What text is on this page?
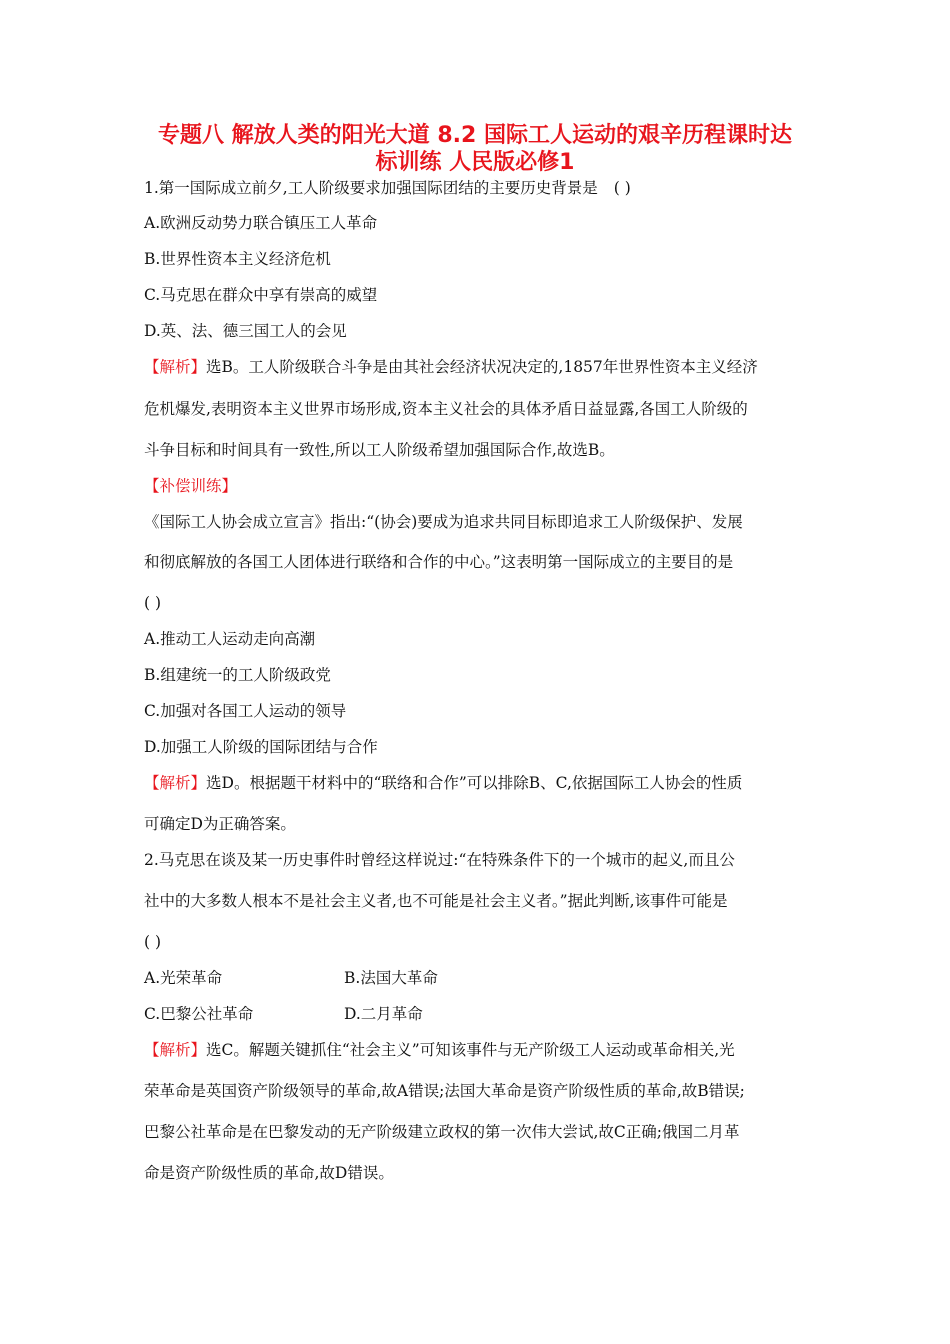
专题八 解放人类的阳光大道 8.2 国际工人运动的艰辛历程课时达
标训练 人民版必修1

1.第一国际成立前夕,工人阶级要求加强国际团结的主要历史背景是 ( )

A.欧洲反动势力联合镇压工人革命

B.世界性资本主义经济危机

C.马克思在群众中享有崇高的威望

D.英、法、德三国工人的会见

【解析】选B。工人阶级联合斗争是由其社会经济状况决定的,1857年世界性资本主义经济

危机爆发,表明资本主义世界市场形成,资本主义社会的具体矛盾日益显露,各国工人阶级的

斗争目标和时间具有一致性,所以工人阶级希望加强国际合作,故选B。

【补偿训练】

《国际工人协会成立宣言》指出:“(协会)要成为追求共同目标即追求工人阶级保护、发展

和彻底解放的各国工人团体进行联络和合作的中心。”这表明第一国际成立的主要目的是

( )

A.推动工人运动走向高潮

B.组建统一的工人阶级政党

C.加强对各国工人运动的领导

D.加强工人阶级的国际团结与合作

【解析】选D。根据题干材料中的“联络和合作”可以排除B、C,依据国际工人协会的性质

可确定D为正确答案。

2.马克思在谈及某一历史事件时曾经这样说过:“在特殊条件下的一个城市的起义,而且公

社中的大多数人根本不是社会主义者,也不可能是社会主义者。”据此判断,该事件可能是

( )

A.光荣革命	B.法国大革命

C.巴黎公社革命	D.二月革命

【解析】选C。解题关键抓住“社会主义”可知该事件与无产阶级工人运动或革命相关,光

荣革命是英国资产阶级领导的革命,故A错误;法国大革命是资产阶级性质的革命,故B错误;

巴黎公社革命是在巴黎发动的无产阶级建立政权的第一次伟大尝试,故C正确;俄国二月革

命是资产阶级性质的革命,故D错误。
